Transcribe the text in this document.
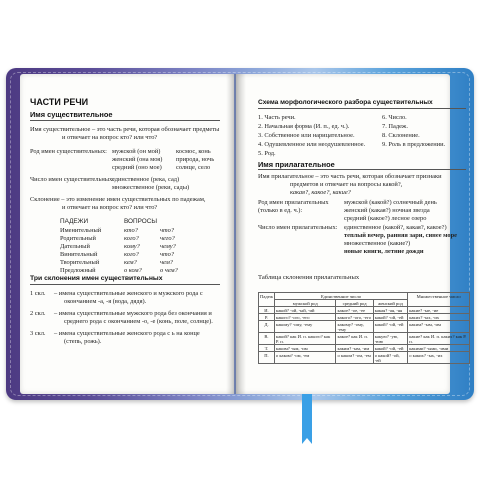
ЧАСТИ РЕЧИ
Имя существительное
Имя существительное – это часть речи, которая обозначает предметы
и отвечает на вопрос кто? или что?
Род имен существительных: мужской (он мой) космос, конь
женский (она моя) природа, ночь
средний (оно мое) солнце, село
Число имен существительных:
единственное (река, сад)
множественное (реки, сады)
Склонение – это изменение имен существительных по падежам,
и отвечает на вопрос кто? или что?
ПАДЕЖИ	ВОПРОСЫ
Именительный	кто?	что?
Родительный	кого?	чего?
Дательный	кому?	чему?
Винительный	кого?	что?
Творительный	кем?	чем?
Предложный	о ком?	о чем?
Три склонения имен существительных
1 скл. – имена существительные женского и мужского рода с
окончанием -а, -я (вода, дядя).
2 скл. – имена существительные мужского рода без окончания и
среднего рода с окончанием -о, -е (конь, поле, солнце).
3 скл. – имена существительные женского рода с ь на конце
(степь, рожь).
Схема морфологического разбора существительных
1. Часть речи.
2. Начальная форма (И. п., ед. ч.).
3. Собственное или нарицательное.
4. Одушевленное или неодушевленное.
5. Род.
6. Число.
7. Падеж.
8. Склонение.
9. Роль в предложении.
Имя прилагательное
Имя прилагательное – это часть речи, которая обозначает признаки
предметов и отвечает на вопросы какой?,
какая?, какое?, какие?
Род имен прилагательных
(только в ед. ч.):
мужской (какой?) солнечный день
женский (какая?) ночная звезда
средний (какое?) лесное озеро
Число имен прилагательных: единственное (какой?, какая?, какое?)
теплый вечер, ранняя зари, синее море
множественное (какие?)
новые книги, летние дожди
Таблица склонения прилагательных
Падеж	Единственное число			Множественное число
	мужской род	средний род	женский род	
И.	какой? -ой, -ый, -ий	какое? -ое, -ее	какая? -ая, -яя	какие? -ые, -ие
Р.	какого? -ого, -его	какого? -ого, -его	какой? -ой, -ей	каких? -ых, -их
Д.	какому? -ому, -ему	какому? -ому, -ему	какой? -ой, -ей	каким? -ым, -им
В.	какой? как И. п. какого? как Р. п.	какое? как И. п.	какую? -ую, -юю	какие? как И. п. каких? как Р. п.
Т.	каким? -ым, -им	каким? -ым, -им	какой? -ой, -ей	какими? -ыми, -ими
П.	о каком? -ом, -ем	о каком? -ом, -ем	о какой? -ой, -ей	о каких? -ых, -их
